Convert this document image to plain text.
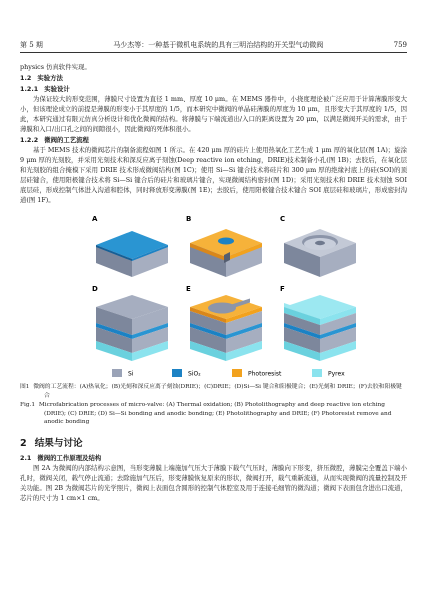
第 5 期	马少杰等：一种基于微机电系统的具有三明治结构的开关型气动微阀	759

physics 仿真软件实现。

1.2 实验方法
1.2.1 实验设计

为保证较大的形变范围，薄膜尺寸设置为直径 1 mm、厚度 10 μm。在 MEMS 器件中，小挠度理论被广泛应用于计算薄膜形变大小，但该理论成立的前提是薄膜的形变小于其厚度的 1/5，而本研究中微阀的单晶硅薄膜的厚度为 10 μm，且形变大于其厚度的 1/5，因此，本研究通过有限元仿真分析设计和优化微阀的结构。将薄膜与下端流道出/入口的距离设置为 20 μm，以满足微阀开关的需求，由于薄膜和入口/出口孔之间的间隙很小，因此微阀的死体积很小。

1.2.2 微阀的工艺流程

基于 MEMS 技术的微阀芯片的制备流程如图 1 所示。在 420 μm 厚的硅片上使用热氧化工艺生成 1 μm 厚的氧化层(图 1A)；旋涂 9 μm 厚的光刻胶，并采用光刻技术和深反应离子刻蚀(Deep reactive ion etching，DRIE)技术制备小孔(图 1B)；去胶后，在氧化层和光刻胶的组合掩模下采用 DRIE 技术形成微阀结构(图 1C)；使用 Si—Si 键合技术将硅片和 300 μm 厚的绝缘衬底上的硅(SOI)的顶层硅键合，使用阳极键合技术将 Si—Si 键合后的硅片和玻璃片键合，实现微阀结构密封(图 1D)；采用光刻技术和 DRIE 技术刻蚀 SOI 底层硅，形成控制气体进入沟道和腔体，同时释放形变薄膜(图 1E)；去胶后，使用阳极键合技术键合 SOI 底层硅和玻璃片，形成密封沟道(图 1F)。

A	B	C
D	E	F
Si	SiO₂	Photoresist	Pyrex

图1 微阀的工艺流程：(A)热氧化；(B)光刻和深反应离子刻蚀(DRIE)；(C)DRIE；(D)Si—Si 键合和阳极键合；(E)光刻和 DRIE；(F)去胶和阳极键合

Fig.1 Microfabrication processes of micro-valve: (A) Thermal oxidation; (B) Photolithography and deep reactive ion etching (DRIE); (C) DRIE; (D) Si—Si bonding and anodic bonding; (E) Photolithography and DRIE; (F) Photoresist remove and anodic bonding

2 结果与讨论
2.1 微阀的工作原理及结构

图 2A 为微阀的内部结构示意图，当形变薄膜上端施加气压大于薄膜下载气气压时，薄膜向下形变，挤压微腔，薄膜完全覆盖下端小孔时，微阀关闭，载气停止流通；去除施加气压后，形变薄膜恢复原来的形状，微阀打开，载气重新流通，从而实现微阀的流量控制及开关功能。图 2B 为微阀芯片的光学照片，微阀上表面包含圆形的控制气体腔室及用于连接毛细管的微沟道；微阀下表面包含进出口流道，芯片的尺寸为 1 cm×1 cm。
